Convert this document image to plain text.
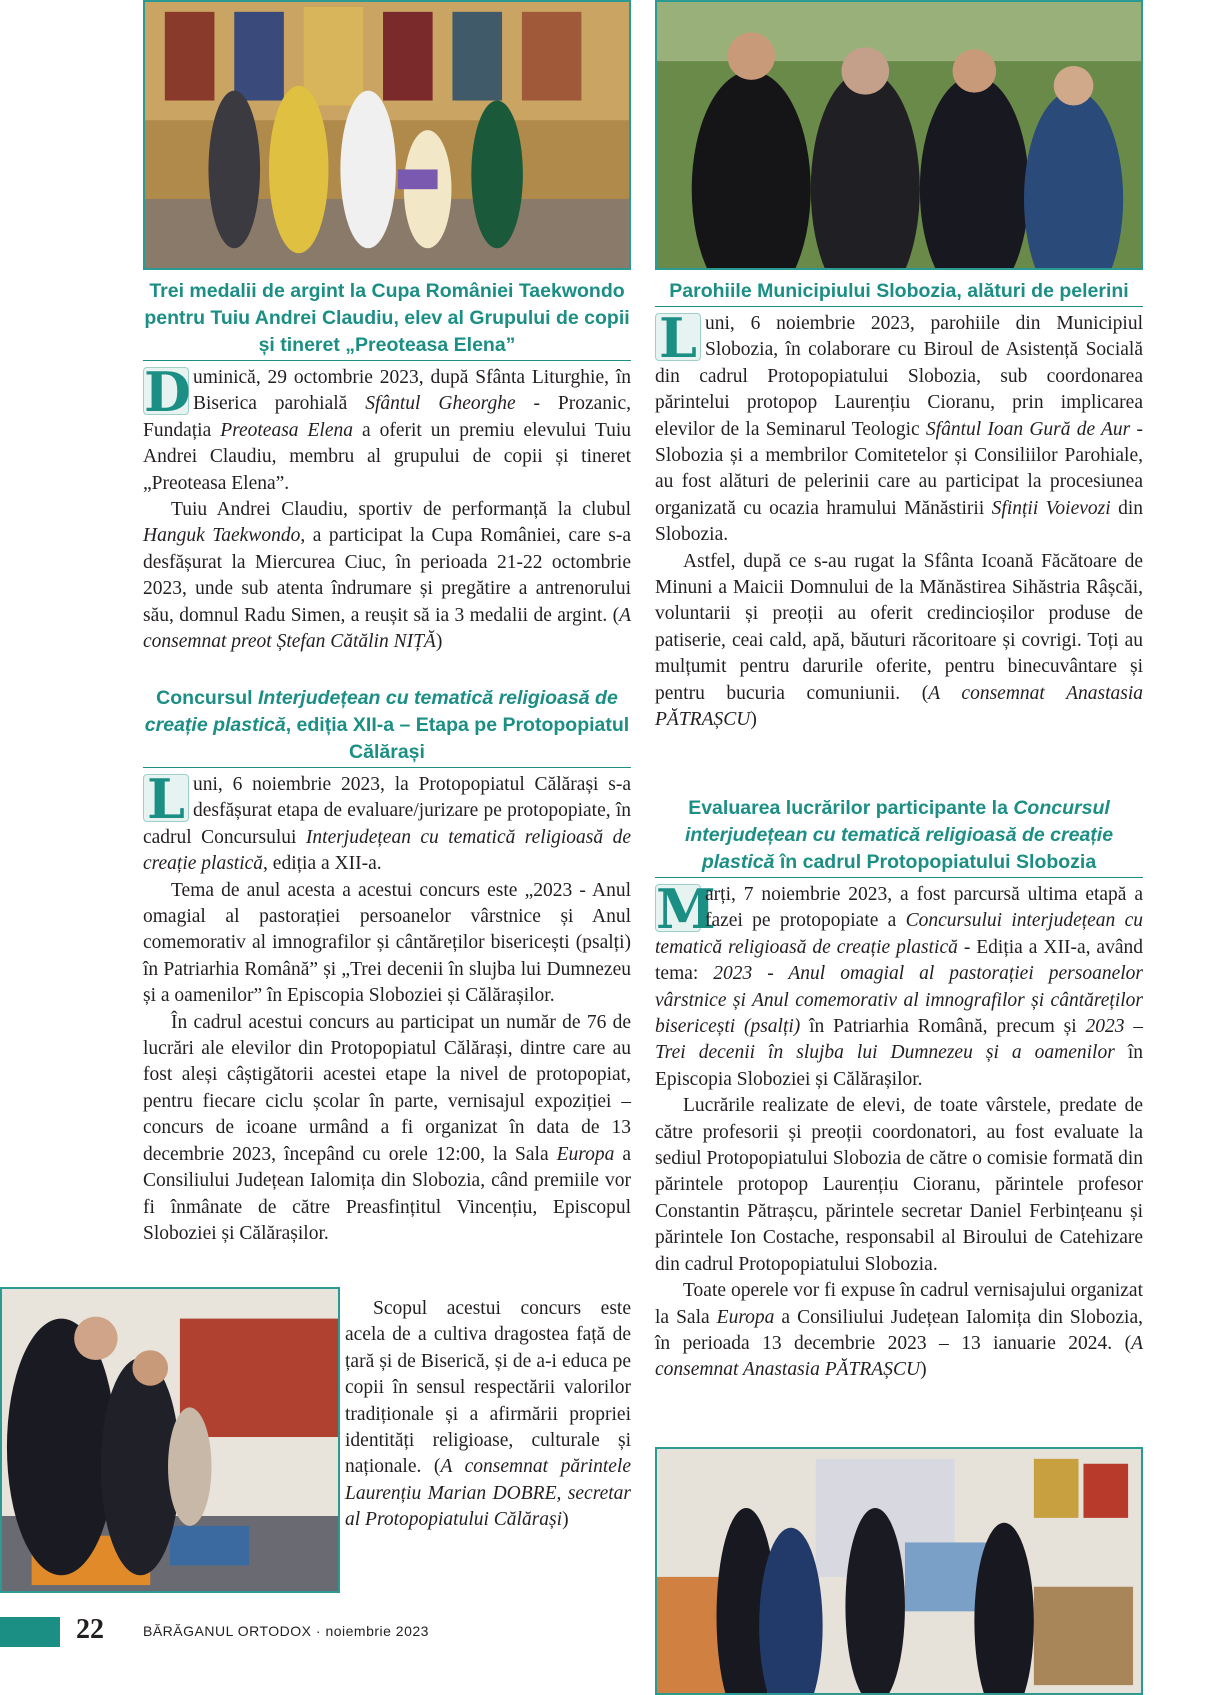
Trei medalii de argint la Cupa României Taekwondo pentru Tuiu Andrei Claudiu, elev al Grupului de copii și tineret „Preoteasa Elena”

D uminică, 29 octombrie 2023, după Sfânta Liturghie, în Biserica parohială Sfântul Gheorghe - Prozanic, Fundația Preoteasa Elena a oferit un premiu elevului Tuiu Andrei Claudiu, membru al grupului de copii și tineret „Preoteasa Elena”.

Tuiu Andrei Claudiu, sportiv de performanță la clubul Hanguk Taekwondo, a participat la Cupa României, care s-a desfășurat la Miercurea Ciuc, în perioada 21-22 octombrie 2023, unde sub atenta îndrumare și pregătire a antrenorului său, domnul Radu Simen, a reușit să ia 3 medalii de argint. (A consemnat preot Ștefan Cătălin NIȚĂ)

Concursul Interjudețean cu tematică religioasă de creație plastică, ediția XII-a – Etapa pe Protopopiatul Călărași

L uni, 6 noiembrie 2023, la Protopopiatul Călărași s-a desfășurat etapa de evaluare/jurizare pe protopopiate, în cadrul Concursului Interjudețean cu tematică religioasă de creație plastică, ediția a XII-a.

Tema de anul acesta a acestui concurs este „2023 - Anul omagial al pastorației persoanelor vârstnice și Anul comemorativ al imnografilor și cântăreților bisericești (psalți) în Patriarhia Română” și „Trei decenii în slujba lui Dumnezeu și a oamenilor” în Episcopia Sloboziei și Călărașilor.

În cadrul acestui concurs au participat un număr de 76 de lucrări ale elevilor din Protopopiatul Călărași, dintre care au fost aleși câștigătorii acestei etape la nivel de protopopiat, pentru fiecare ciclu școlar în parte, vernisajul expoziției – concurs de icoane urmând a fi organizat în data de 13 decembrie 2023, începând cu orele 12:00, la Sala Europa a Consiliului Județean Ialomița din Slobozia, când premiile vor fi înmânate de către Preasfințitul Vincențiu, Episcopul Sloboziei și Călărașilor.

Scopul acestui concurs este acela de a cultiva dragostea față de țară și de Biserică, și de a-i educa pe copii în sensul respectării valorilor tradiționale și a afirmării propriei identități religioase, culturale și naționale. (A consemnat părintele Laurențiu Marian DOBRE, secretar al Protopopiatului Călărași)

Parohiile Municipiului Slobozia, alături de pelerini

L uni, 6 noiembrie 2023, parohiile din Municipiul Slobozia, în colaborare cu Biroul de Asistență Socială din cadrul Protopopiatului Slobozia, sub coordonarea părintelui protopop Laurențiu Cioranu, prin implicarea elevilor de la Seminarul Teologic Sfântul Ioan Gură de Aur - Slobozia și a membrilor Comitetelor și Consiliilor Parohiale, au fost alături de pelerinii care au participat la procesiunea organizată cu ocazia hramului Mănăstirii Sfinții Voievozi din Slobozia.

Astfel, după ce s-au rugat la Sfânta Icoană Făcătoare de Minuni a Maicii Domnului de la Mănăstirea Sihăstria Râșcăi, voluntarii și preoții au oferit credincioșilor produse de patiserie, ceai cald, apă, băuturi răcoritoare și covrigi. Toți au mulțumit pentru darurile oferite, pentru binecuvântare și pentru bucuria comuniunii. (A consemnat Anastasia PĂTRAȘCU)

Evaluarea lucrărilor participante la Concursul interjudețean cu tematică religioasă de creație plastică în cadrul Protopopiatului Slobozia

M
arți, 7 noiembrie 2023, a fost parcursă ultima etapă a fazei pe protopopiate a Concursului interjudețean cu tematică religioasă de creație plastică - Ediția a XII-a, având tema: 2023 - Anul omagial al pastorației persoanelor vârstnice și Anul comemorativ al imnografilor și cântăreților bisericești (psalți) în Patriarhia Română, precum și 2023 – Trei decenii în slujba lui Dumnezeu și a oamenilor în Episcopia Sloboziei și Călărașilor.

Lucrările realizate de elevi, de toate vârstele, predate de către profesorii și preoții coordonatori, au fost evaluate la sediul Protopopiatului Slobozia de către o comisie formată din părintele protopop Laurențiu Cioranu, părintele profesor Constantin Pătrașcu, părintele secretar Daniel Ferbințeanu și părintele Ion Costache, responsabil al Biroului de Catehizare din cadrul Protopopiatului Slobozia.

Toate operele vor fi expuse în cadrul vernisajului organizat la Sala Europa a Consiliului Județean Ialomița din Slobozia, în perioada 13 decembrie 2023 – 13 ianuarie 2024. (A consemnat Anastasia PĂTRAȘCU)

22	BĂRĂGANUL ORTODOX · noiembrie 2023
